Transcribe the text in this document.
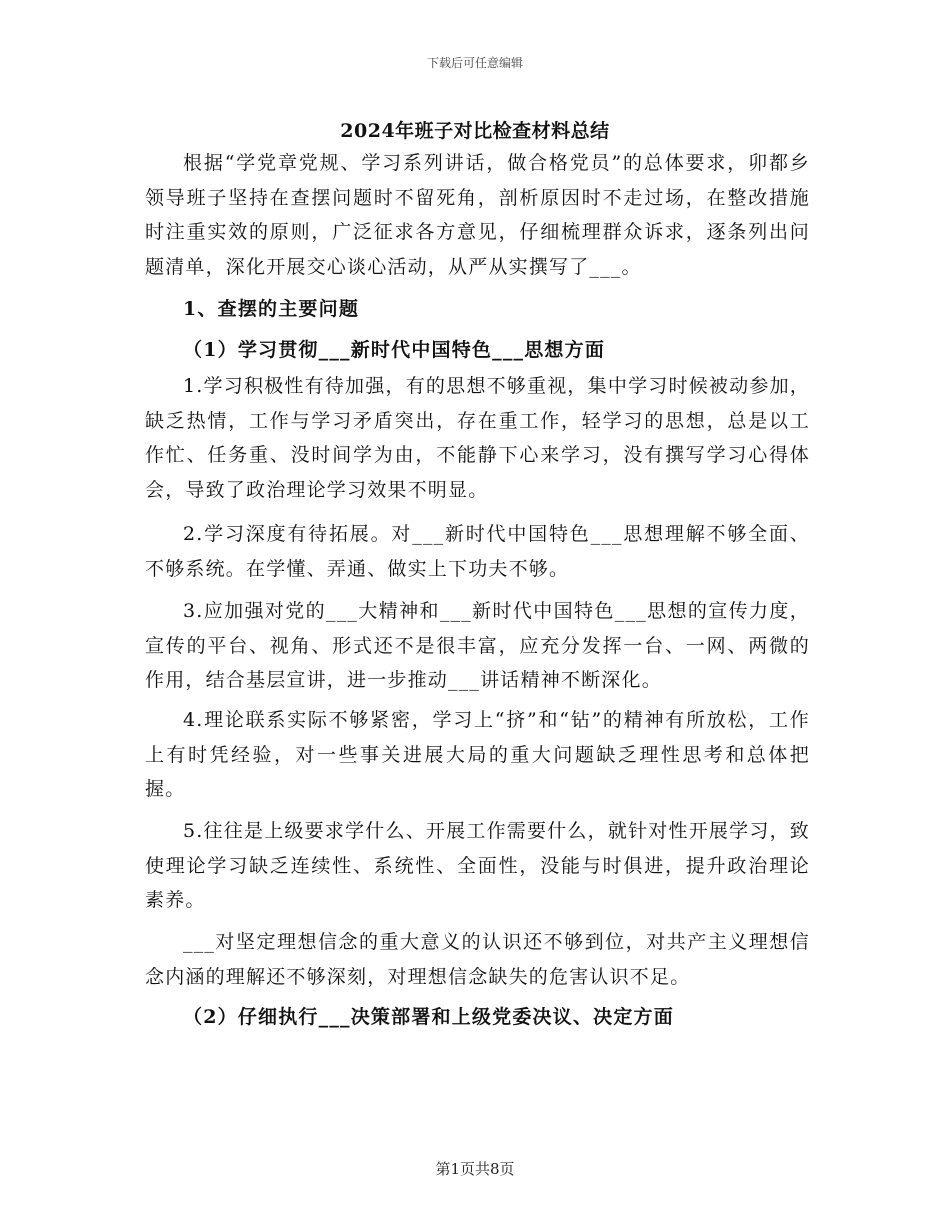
下载后可任意编辑
2024年班子对比检查材料总结

根据“学党章党规、学习系列讲话，做合格党员”的总体要求，卯都乡领导班子坚持在查摆问题时不留死角，剖析原因时不走过场，在整改措施时注重实效的原则，广泛征求各方意见，仔细梳理群众诉求，逐条列出问题清单，深化开展交心谈心活动，从严从实撰写了___。

1、查摆的主要问题

（1）学习贯彻___新时代中国特色___思想方面

1.学习积极性有待加强，有的思想不够重视，集中学习时候被动参加，缺乏热情，工作与学习矛盾突出，存在重工作，轻学习的思想，总是以工作忙、任务重、没时间学为由，不能静下心来学习，没有撰写学习心得体会，导致了政治理论学习效果不明显。

2.学习深度有待拓展。对___新时代中国特色___思想理解不够全面、不够系统。在学懂、弄通、做实上下功夫不够。

3.应加强对党的___大精神和___新时代中国特色___思想的宣传力度，宣传的平台、视角、形式还不是很丰富，应充分发挥一台、一网、两微的作用，结合基层宣讲，进一步推动___讲话精神不断深化。

4.理论联系实际不够紧密，学习上“挤”和“钻”的精神有所放松，工作上有时凭经验，对一些事关进展大局的重大问题缺乏理性思考和总体把握。

5.往往是上级要求学什么、开展工作需要什么，就针对性开展学习，致使理论学习缺乏连续性、系统性、全面性，没能与时俱进，提升政治理论素养。

___对坚定理想信念的重大意义的认识还不够到位，对共产主义理想信念内涵的理解还不够深刻，对理想信念缺失的危害认识不足。

（2）仔细执行___决策部署和上级党委决议、决定方面

第1页共8页
